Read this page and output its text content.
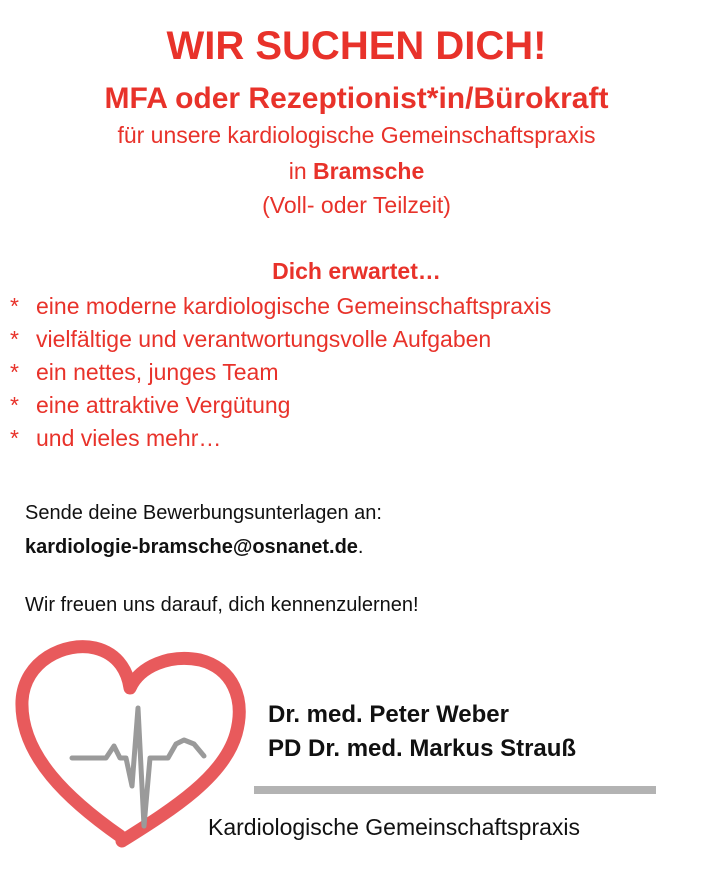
WIR SUCHEN DICH!
MFA oder Rezeptionist*in/Bürokraft
für unsere kardiologische Gemeinschaftspraxis
in Bramsche
(Voll- oder Teilzeit)
Dich erwartet…
* eine moderne kardiologische Gemeinschaftspraxis
* vielfältige und verantwortungsvolle Aufgaben
* ein nettes, junges Team
* eine attraktive Vergütung
* und vieles mehr…
Sende deine Bewerbungsunterlagen an:
kardiologie-bramsche@osnanet.de.
Wir freuen uns darauf, dich kennenzulernen!
Dr. med. Peter Weber
PD Dr. med. Markus Strauß
Kardiologische Gemeinschaftspraxis
